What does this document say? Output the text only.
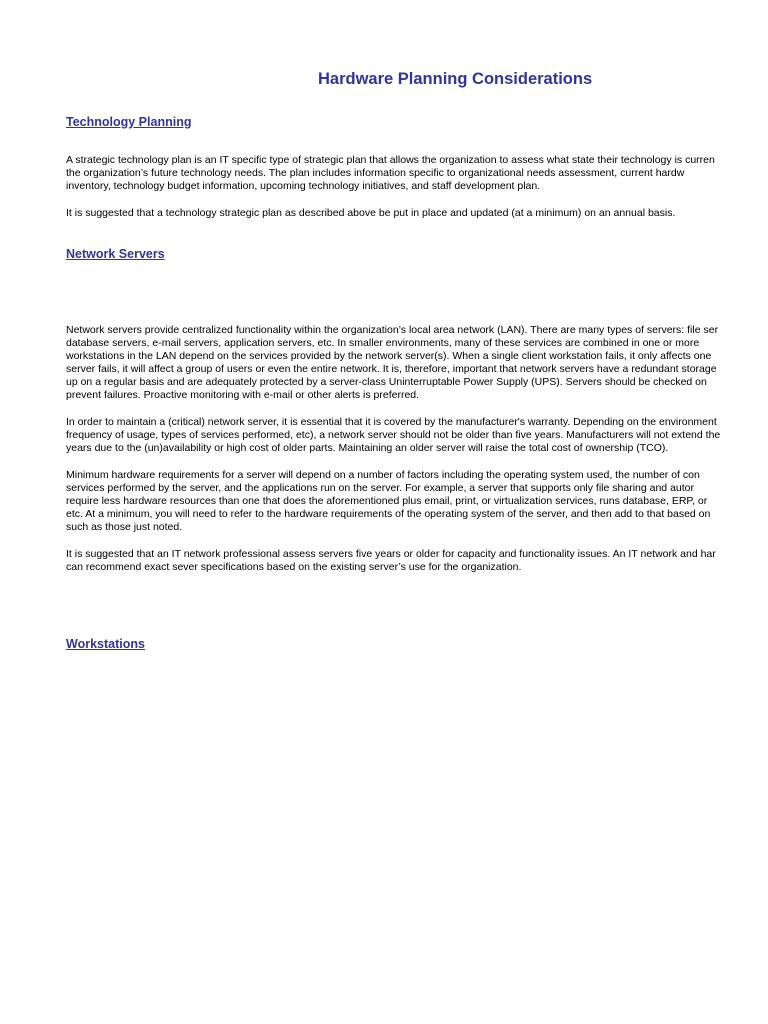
Hardware Planning Considerations
Technology Planning

A strategic technology plan is an IT specific type of strategic plan that allows the organization to assess what state their technology is curren
the organization’s future technology needs. The plan includes information specific to organizational needs assessment, current hardw
inventory, technology budget information, upcoming technology initiatives, and staff development plan.

It is suggested that a technology strategic plan as described above be put in place and updated (at a minimum) on an annual basis.

Network Servers

Network servers provide centralized functionality within the organization’s local area network (LAN). There are many types of servers: file ser
database servers, e-mail servers, application servers, etc. In smaller environments, many of these services are combined in one or more
workstations in the LAN depend on the services provided by the network server(s). When a single client workstation fails, it only affects one
server fails, it will affect a group of users or even the entire network. It is, therefore, important that network servers have a redundant storage
up on a regular basis and are adequately protected by a server-class Uninterruptable Power Supply (UPS). Servers should be checked on
prevent failures. Proactive monitoring with e-mail or other alerts is preferred.

In order to maintain a (critical) network server, it is essential that it is covered by the manufacturer's warranty. Depending on the environment
frequency of usage, types of services performed, etc), a network server should not be older than five years. Manufacturers will not extend the
years due to the (un)availability or high cost of older parts. Maintaining an older server will raise the total cost of ownership (TCO).

Minimum hardware requirements for a server will depend on a number of factors including the operating system used, the number of con
services performed by the server, and the applications run on the server. For example, a server that supports only file sharing and autor
require less hardware resources than one that does the aforementioned plus email, print, or virtualization services, runs database, ERP, or
etc. At a minimum, you will need to refer to the hardware requirements of the operating system of the server, and then add to that based on
such as those just noted.

It is suggested that an IT network professional assess servers five years or older for capacity and functionality issues. An IT network and har
can recommend exact sever specifications based on the existing server’s use for the organization.

Workstations
